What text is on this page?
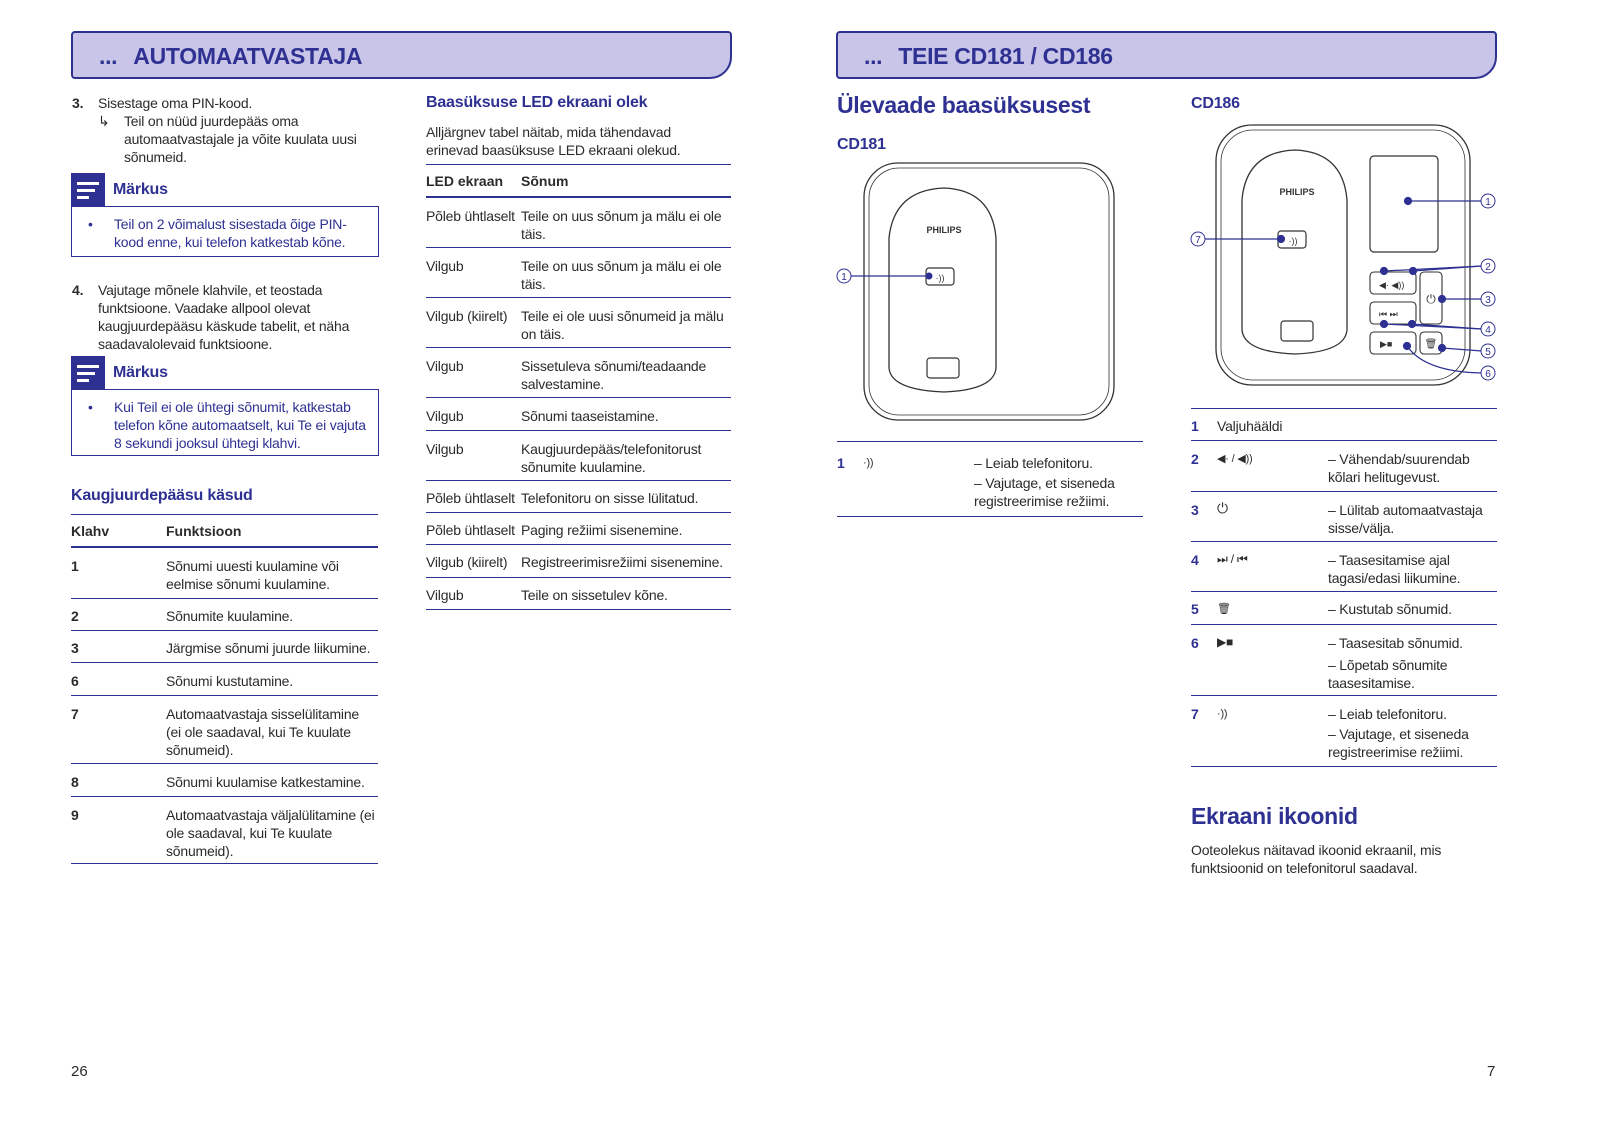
... AUTOMAATVASTAJA
3. Sisestage oma PIN-kood.
↳ Teil on nüüd juurdepääs oma automaatvastajale ja võite kuulata uusi sõnumeid.
Märkus
• Teil on 2 võimalust sisestada õige PIN-kood enne, kui telefon katkestab kõne.
4. Vajutage mõnele klahvile, et teostada funktsioone. Vaadake allpool olevat kaugjuurdepääsu käskude tabelit, et näha saadavalolevaid funktsioone.
Märkus
• Kui Teil ei ole ühtegi sõnumit, katkestab telefon kõne automaatselt, kui Te ei vajuta 8 sekundi jooksul ühtegi klahvi.
Kaugjuurdepääsu käsud
Klahv	Funktsioon
1	Sõnumi uuesti kuulamine või eelmise sõnumi kuulamine.
2	Sõnumite kuulamine.
3	Järgmise sõnumi juurde liikumine.
6	Sõnumi kustutamine.
7	Automaatvastaja sisselülitamine (ei ole saadaval, kui Te kuulate sõnumeid).
8	Sõnumi kuulamise katkestamine.
9	Automaatvastaja väljalülitamine (ei ole saadaval, kui Te kuulate sõnumeid).
Baasüksuse LED ekraani olek
Alljärgnev tabel näitab, mida tähendavad erinevad baasüksuse LED ekraani olekud.
LED ekraan Sõnum
Põleb ühtlaselt Teile on uus sõnum ja mälu ei ole täis.
Vilgub	Teile on uus sõnum ja mälu ei ole täis.
Vilgub (kiirelt) Teile ei ole uusi sõnumeid ja mälu on täis.
Vilgub	Sissetuleva sõnumi/teadaande salvestamine.
Vilgub	Sõnumi taaseistamine.
Vilgub	Kaugjuurdepääs/telefonitorust sõnumite kuulamine.
Põleb ühtlaselt Telefonitoru on sisse lülitatud.
Põleb ühtlaselt Paging režiimi sisenemine.
Vilgub (kiirelt) Registreerimisrežiimi sisenemine.
Vilgub	Teile on sissetulev kõne.
26
... TEIE CD181 / CD186
Ülevaade baasüksusest
CD181
CD186
PHILIPS
·))
1
PHILIPS
·))
◀· ◀))
⏻
⏮ ⏭
▶■	🗑
1
2
3
4
5
6
7
1 ·))	– Leiab telefonitoru.
– Vajutage, et siseneda registreerimise režiimi.
1 Valjuhääldi
2 ◀· / ◀))	– Vähendab/suurendab kõlari helitugevust.
3 ⏻	– Lülitab automaatvastaja sisse/välja.
4 ⏭ / ⏮	– Taasesitamise ajal tagasi/edasi liikumine.
5 🗑	– Kustutab sõnumid.
6 ▶■	– Taasesitab sõnumid.
– Lõpetab sõnumite taasesitamise.
7 ·))	– Leiab telefonitoru.
– Vajutage, et siseneda registreerimise režiimi.
Ekraani ikoonid
Ooteolekus näitavad ikoonid ekraanil, mis funktsioonid on telefonitorul saadaval.
7
